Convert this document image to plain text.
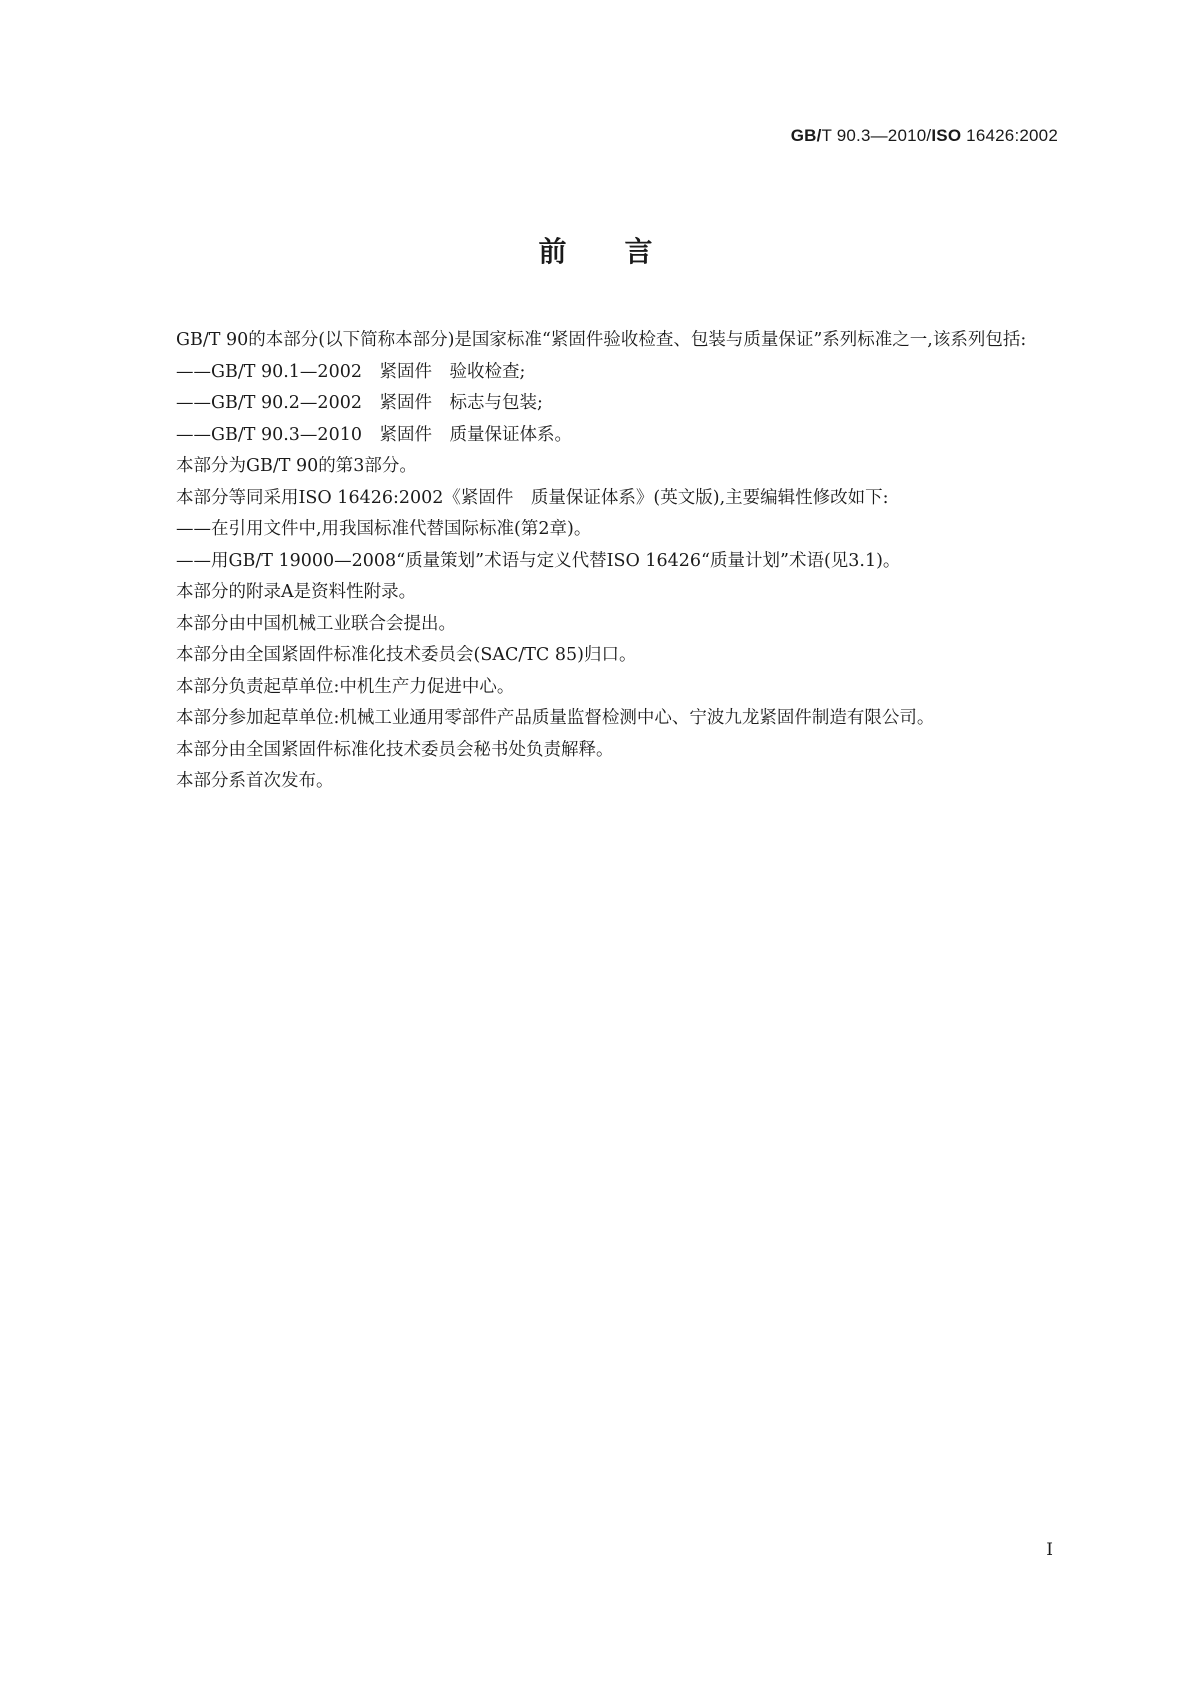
GB/T 90.3—2010/ISO 16426:2002
前言

GB/T 90的本部分(以下简称本部分)是国家标准“紧固件验收检查、包装与质量保证”系列标准之一,该系列包括:

——GB/T 90.1—2002　紧固件　验收检查;

——GB/T 90.2—2002　紧固件　标志与包装;

——GB/T 90.3—2010　紧固件　质量保证体系。

本部分为GB/T 90的第3部分。

本部分等同采用ISO 16426:2002《紧固件　质量保证体系》(英文版),主要编辑性修改如下:

——在引用文件中,用我国标准代替国际标准(第2章)。

——用GB/T 19000—2008“质量策划”术语与定义代替ISO 16426“质量计划”术语(见3.1)。

本部分的附录A是资料性附录。

本部分由中国机械工业联合会提出。

本部分由全国紧固件标准化技术委员会(SAC/TC 85)归口。

本部分负责起草单位:中机生产力促进中心。

本部分参加起草单位:机械工业通用零部件产品质量监督检测中心、宁波九龙紧固件制造有限公司。

本部分由全国紧固件标准化技术委员会秘书处负责解释。

本部分系首次发布。

I
